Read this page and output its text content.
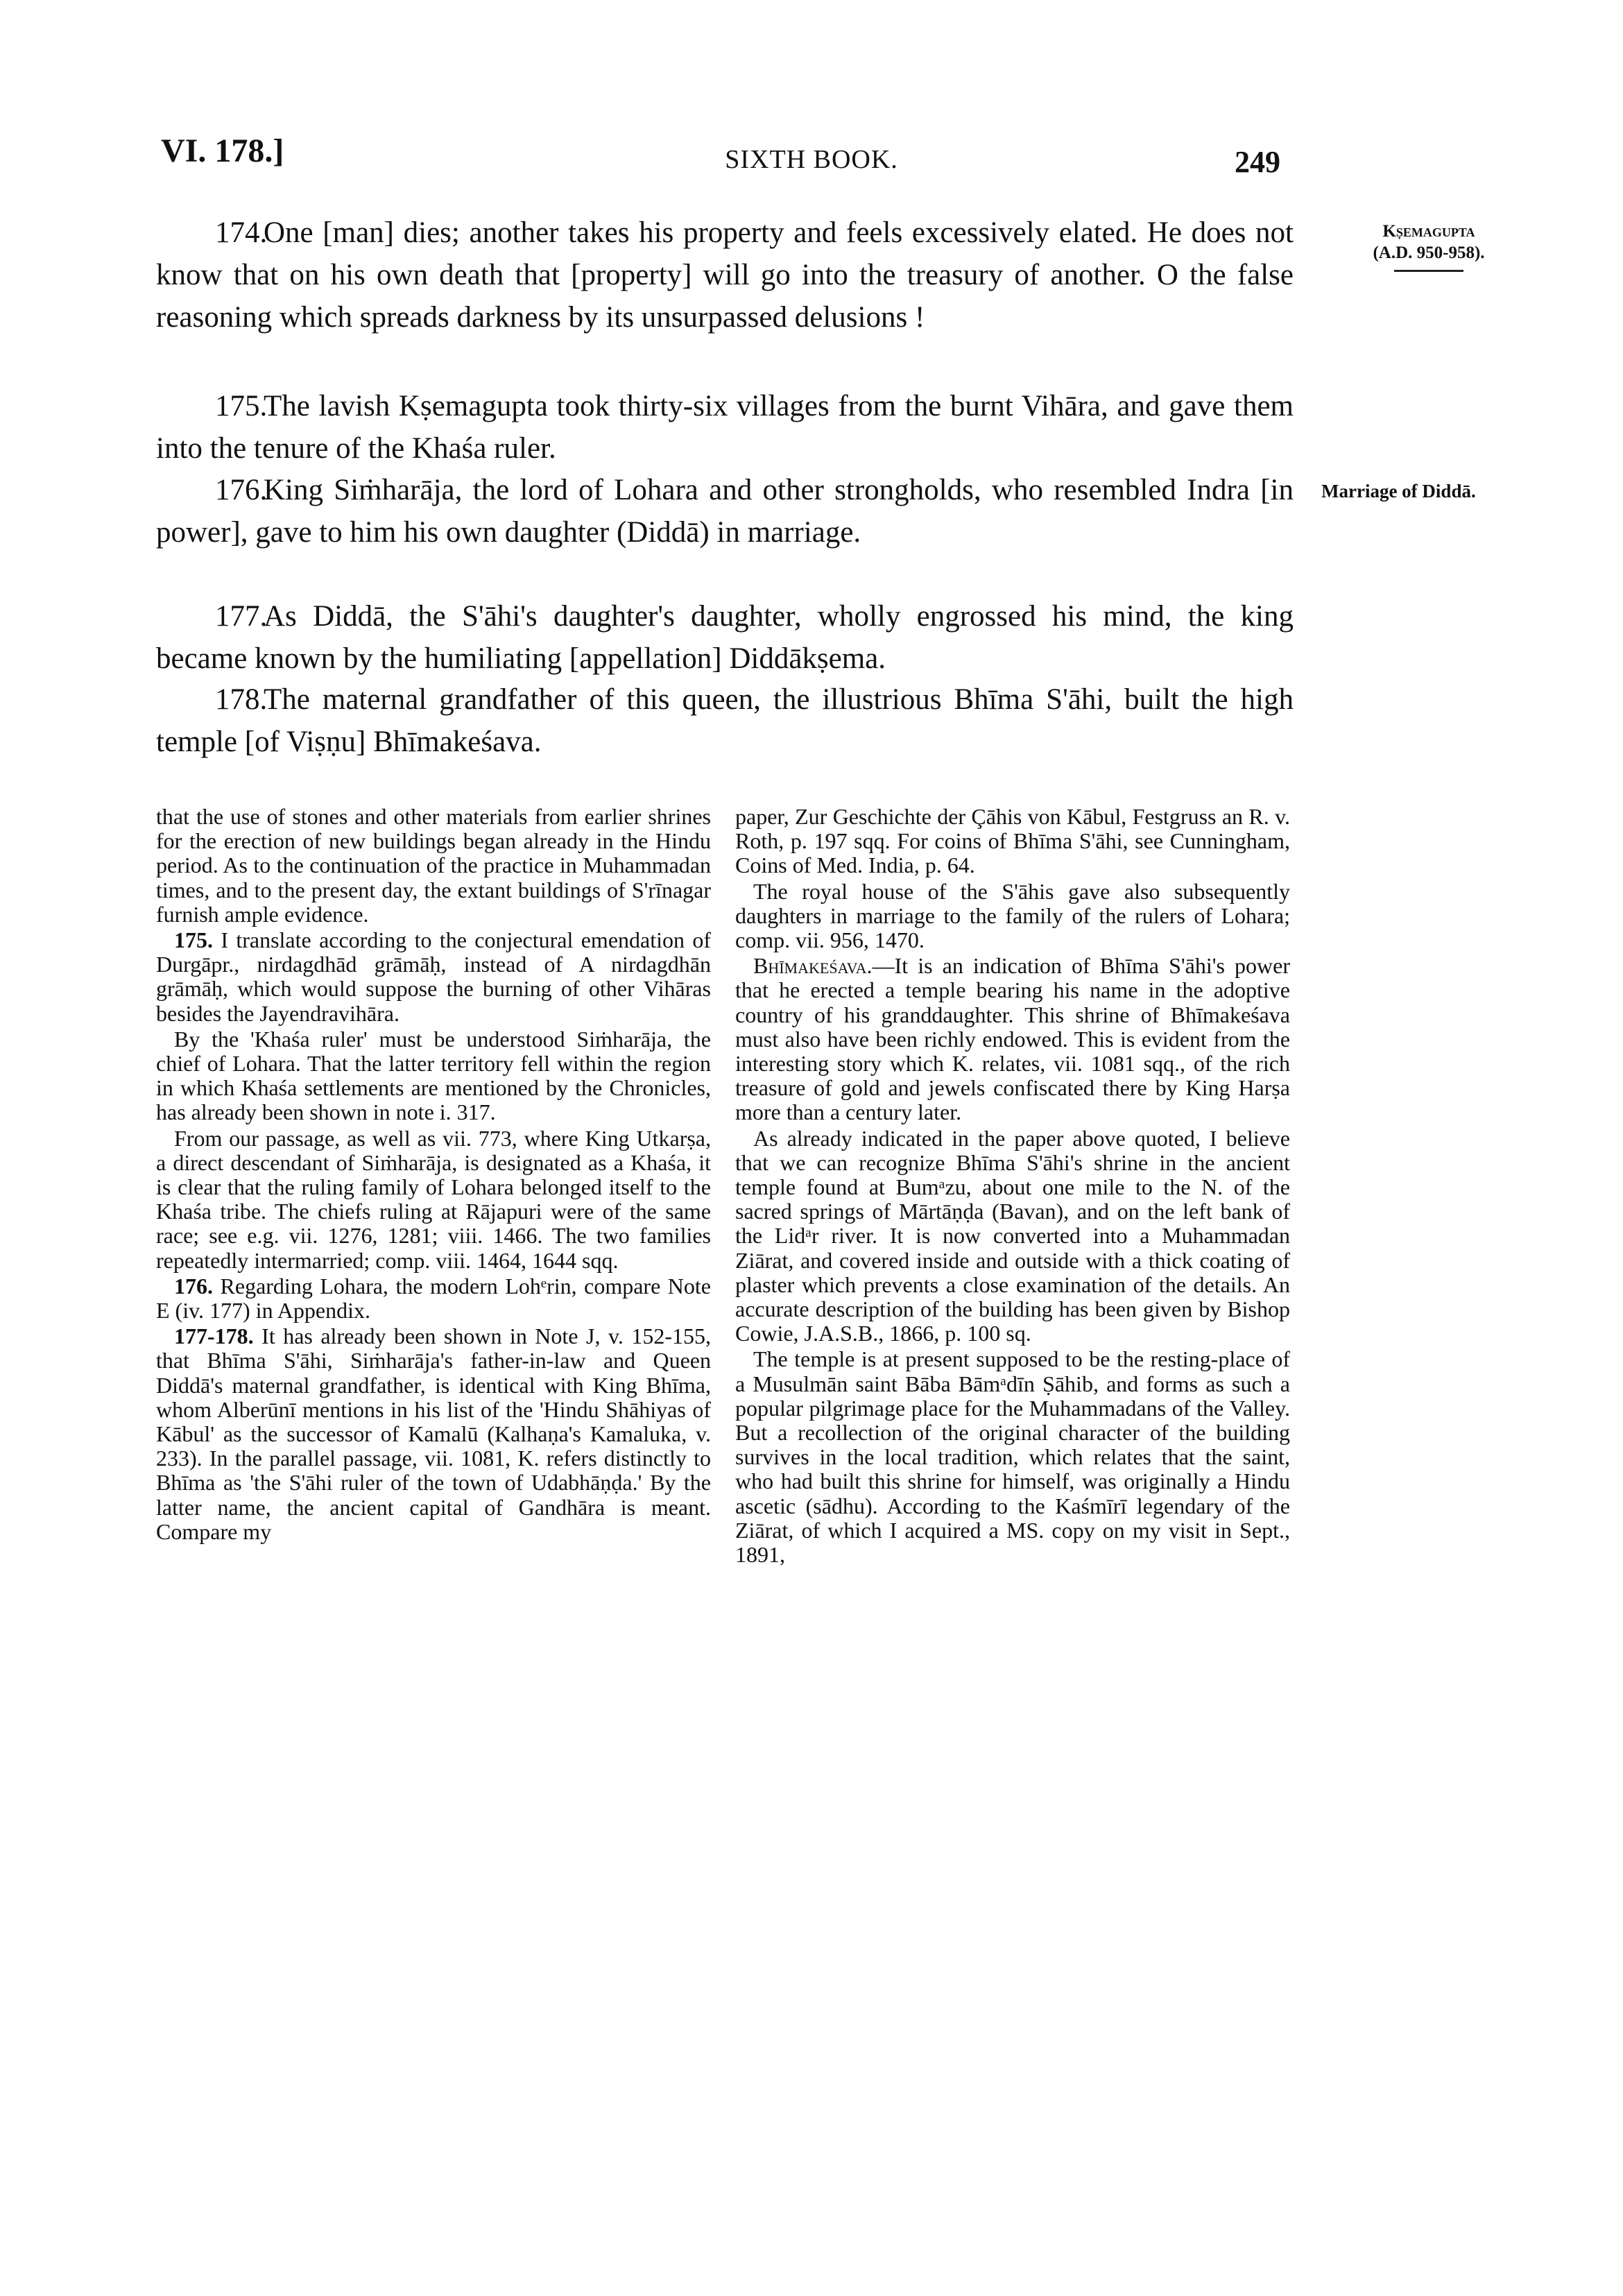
VI. 178.]	SIXTH BOOK.	249
Kṣemagupta
(A.D. 950-958).
Marriage of Diddā.
174.One [man] dies; another takes his property and feels excessively elated. He does not know that on his own death that [property] will go into the treasury of another. O the false reasoning which spreads darkness by its unsurpassed delusions !
175.The lavish Kṣemagupta took thirty-six villages from the burnt Vihāra, and gave them into the tenure of the Khaśa ruler.
176.King Siṁharāja, the lord of Lohara and other strongholds, who resembled Indra [in power], gave to him his own daughter (Diddā) in marriage.
177.As Diddā, the S'āhi's daughter's daughter, wholly engrossed his mind, the king became known by the humiliating [appellation] Diddākṣema.
178.The maternal grandfather of this queen, the illustrious Bhīma S'āhi, built the high temple [of Viṣṇu] Bhīmakeśava.

that the use of stones and other materials from earlier shrines for the erection of new buildings began already in the Hindu period. As to the continuation of the practice in Muhammadan times, and to the present day, the extant buildings of S'rīnagar furnish ample evidence.

175. I translate according to the conjectural emendation of Durgāpr., nirdagdhād grāmāḥ, instead of A nirdagdhān grāmāḥ, which would suppose the burning of other Vihāras besides the Jayendravihāra.

By the 'Khaśa ruler' must be understood Siṁharāja, the chief of Lohara. That the latter territory fell within the region in which Khaśa settlements are mentioned by the Chronicles, has already been shown in note i. 317.

From our passage, as well as vii. 773, where King Utkarṣa, a direct descendant of Siṁharāja, is designated as a Khaśa, it is clear that the ruling family of Lohara belonged itself to the Khaśa tribe. The chiefs ruling at Rājapuri were of the same race; see e.g. vii. 1276, 1281; viii. 1466. The two families repeatedly intermarried; comp. viii. 1464, 1644 sqq.

176. Regarding Lohara, the modern Lohᵉrin, compare Note E (iv. 177) in Appendix.

177-178. It has already been shown in Note J, v. 152-155, that Bhīma S'āhi, Siṁharāja's father-in-law and Queen Diddā's maternal grandfather, is identical with King Bhīma, whom Alberūnī mentions in his list of the 'Hindu Shāhiyas of Kābul' as the successor of Kamalū (Kalhaṇa's Kamaluka, v. 233). In the parallel passage, vii. 1081, K. refers distinctly to Bhīma as 'the S'āhi ruler of the town of Udabhāṇḍa.' By the latter name, the ancient capital of Gandhāra is meant. Compare my

paper, Zur Geschichte der Çāhis von Kābul, Festgruss an R. v. Roth, p. 197 sqq. For coins of Bhīma S'āhi, see Cunningham, Coins of Med. India, p. 64.

The royal house of the S'āhis gave also subsequently daughters in marriage to the family of the rulers of Lohara; comp. vii. 956, 1470.

Bhīmakeśava.—It is an indication of Bhīma S'āhi's power that he erected a temple bearing his name in the adoptive country of his granddaughter. This shrine of Bhīmakeśava must also have been richly endowed. This is evident from the interesting story which K. relates, vii. 1081 sqq., of the rich treasure of gold and jewels confiscated there by King Harṣa more than a century later.

As already indicated in the paper above quoted, I believe that we can recognize Bhīma S'āhi's shrine in the ancient temple found at Bumᵃzu, about one mile to the N. of the sacred springs of Mārtāṇḍa (Bavan), and on the left bank of the Lidᵃr river. It is now converted into a Muhammadan Ziārat, and covered inside and outside with a thick coating of plaster which prevents a close examination of the details. An accurate description of the building has been given by Bishop Cowie, J.A.S.B., 1866, p. 100 sq.

The temple is at present supposed to be the resting-place of a Musulmān saint Bāba Bāmᵃdīn Ṣāhib, and forms as such a popular pilgrimage place for the Muhammadans of the Valley. But a recollection of the original character of the building survives in the local tradition, which relates that the saint, who had built this shrine for himself, was originally a Hindu ascetic (sādhu). According to the Kaśmīrī legendary of the Ziārat, of which I acquired a MS. copy on my visit in Sept., 1891,
